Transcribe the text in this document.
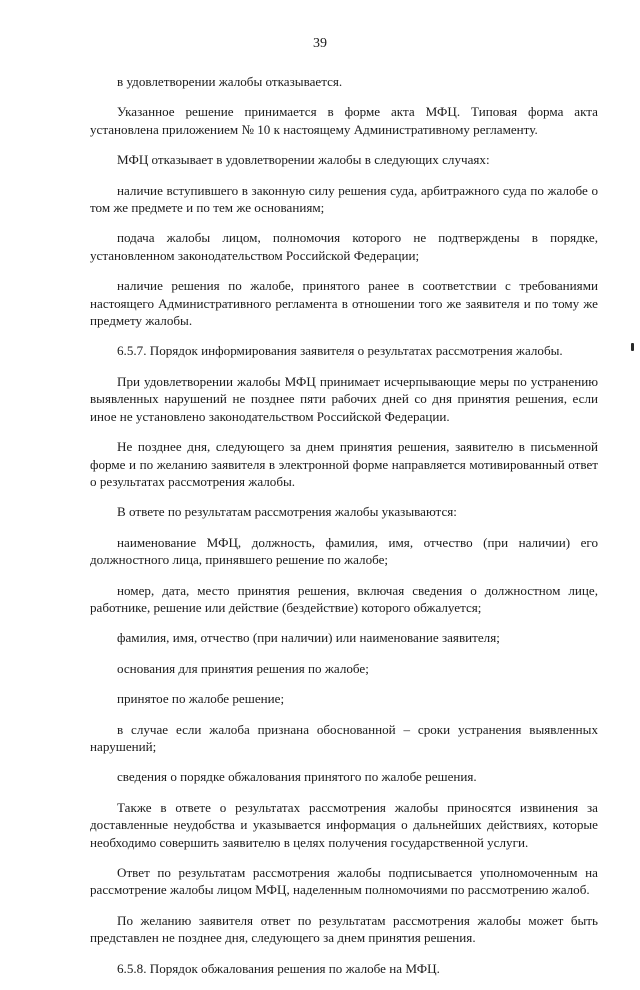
39

в удовлетворении жалобы отказывается.

Указанное решение принимается в форме акта МФЦ. Типовая форма акта установлена приложением № 10 к настоящему Административному регламенту.

МФЦ отказывает в удовлетворении жалобы в следующих случаях:

наличие вступившего в законную силу решения суда, арбитражного суда по жалобе о том же предмете и по тем же основаниям;

подача жалобы лицом, полномочия которого не подтверждены в порядке, установленном законодательством Российской Федерации;

наличие решения по жалобе, принятого ранее в соответствии с требованиями настоящего Административного регламента в отношении того же заявителя и по тому же предмету жалобы.

6.5.7. Порядок информирования заявителя о результатах рассмотрения жалобы.

При удовлетворении жалобы МФЦ принимает исчерпывающие меры по устранению выявленных нарушений не позднее пяти рабочих дней со дня принятия решения, если иное не установлено законодательством Российской Федерации.

Не позднее дня, следующего за днем принятия решения, заявителю в письменной форме и по желанию заявителя в электронной форме направляется мотивированный ответ о результатах рассмотрения жалобы.

В ответе по результатам рассмотрения жалобы указываются:

наименование МФЦ, должность, фамилия, имя, отчество (при наличии) его должностного лица, принявшего решение по жалобе;

номер, дата, место принятия решения, включая сведения о должностном лице, работнике, решение или действие (бездействие) которого обжалуется;

фамилия, имя, отчество (при наличии) или наименование заявителя;

основания для принятия решения по жалобе;

принятое по жалобе решение;

в случае если жалоба признана обоснованной – сроки устранения выявленных нарушений;

сведения о порядке обжалования принятого по жалобе решения.

Также в ответе о результатах рассмотрения жалобы приносятся извинения за доставленные неудобства и указывается информация о дальнейших действиях, которые необходимо совершить заявителю в целях получения государственной услуги.

Ответ по результатам рассмотрения жалобы подписывается уполномоченным на рассмотрение жалобы лицом МФЦ, наделенным полномочиями по рассмотрению жалоб.

По желанию заявителя ответ по результатам рассмотрения жалобы может быть представлен не позднее дня, следующего за днем принятия решения.

6.5.8. Порядок обжалования решения по жалобе на МФЦ.
